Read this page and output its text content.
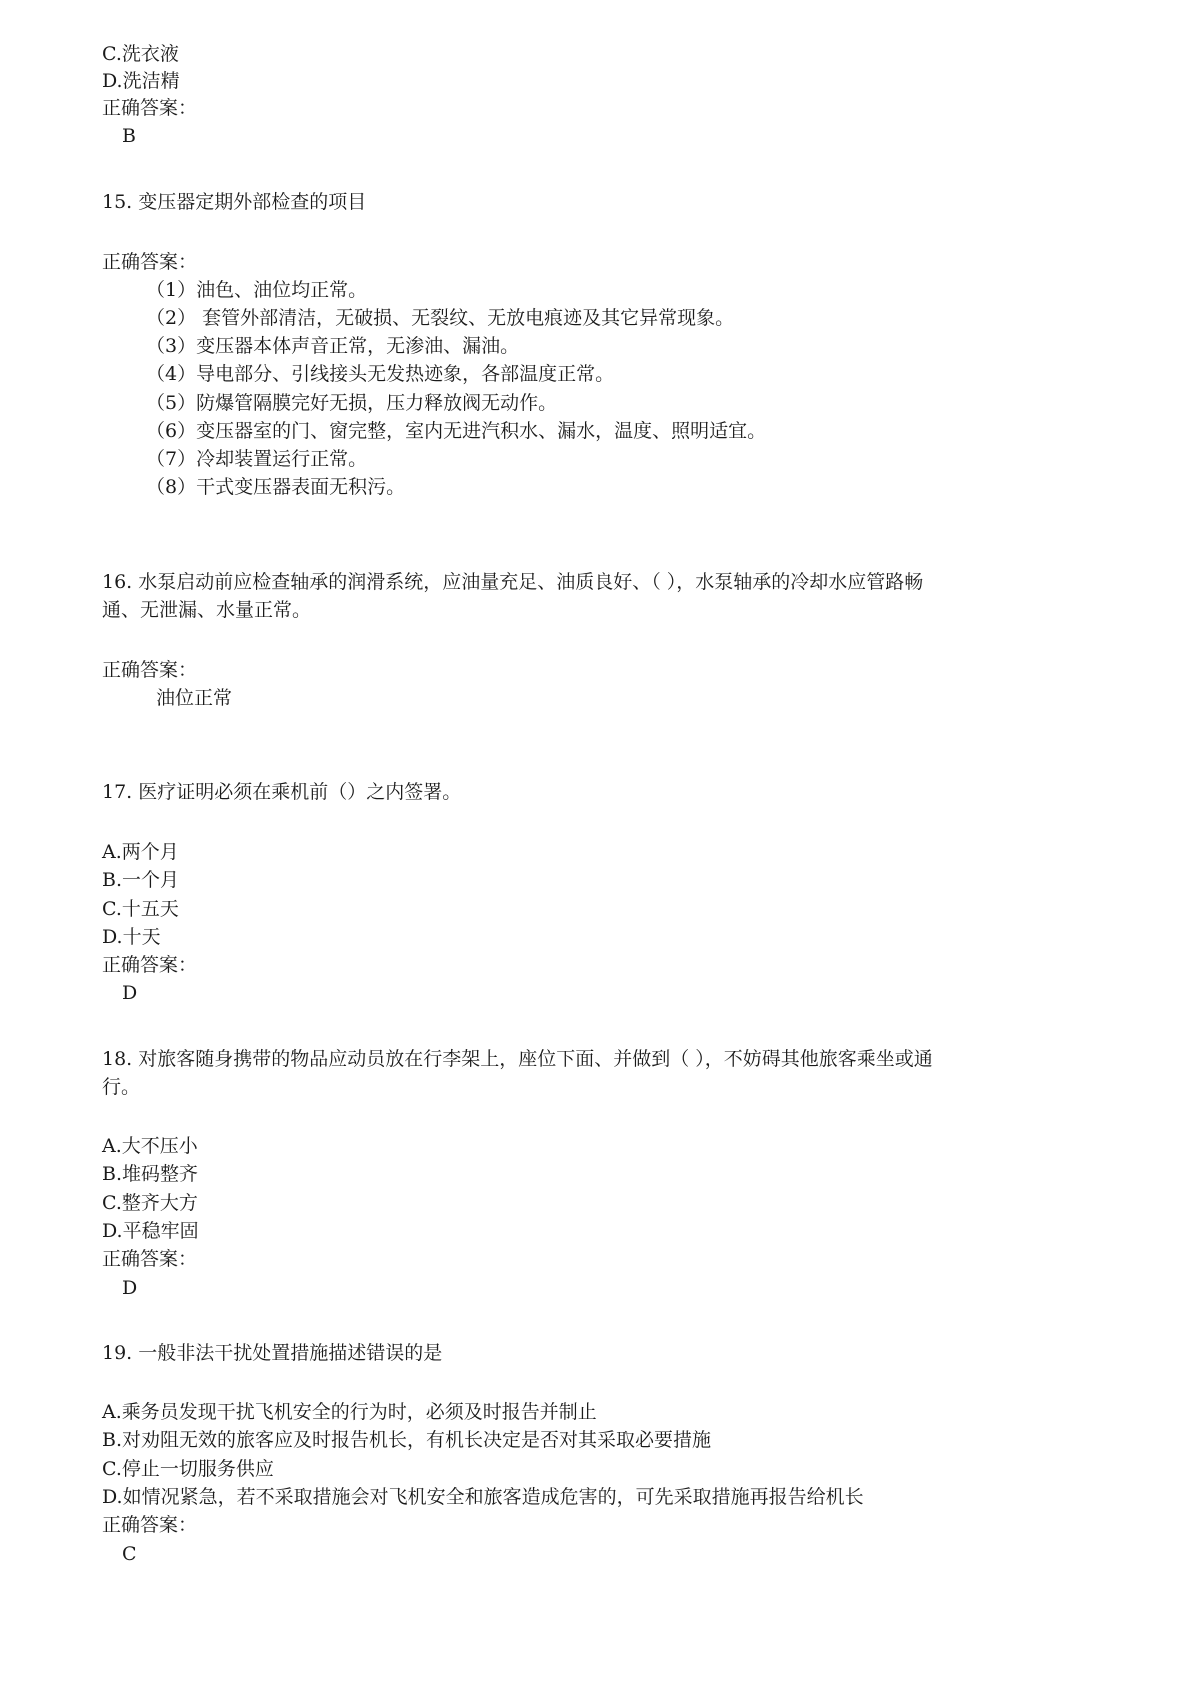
C.洗衣液
D.洗洁精
正确答案：
B
15. 变压器定期外部检查的项目
正确答案：
（1）油色、油位均正常。
（2） 套管外部清洁，无破损、无裂纹、无放电痕迹及其它异常现象。
（3）变压器本体声音正常，无渗油、漏油。
（4）导电部分、引线接头无发热迹象，各部温度正常。
（5）防爆管隔膜完好无损，压力释放阀无动作。
（6）变压器室的门、窗完整，室内无进汽积水、漏水，温度、照明适宜。
（7）冷却装置运行正常。
（8）干式变压器表面无积污。
16. 水泵启动前应检查轴承的润滑系统，应油量充足、油质良好、（ ），水泵轴承的冷却水应管路畅
通、无泄漏、水量正常。
正确答案：
油位正常
17. 医疗证明必须在乘机前（）之内签署。
A.两个月
B.一个月
C.十五天
D.十天
正确答案：
D
18. 对旅客随身携带的物品应动员放在行李架上，座位下面、并做到（ ），不妨碍其他旅客乘坐或通
行。
A.大不压小
B.堆码整齐
C.整齐大方
D.平稳牢固
正确答案：
D
19. 一般非法干扰处置措施描述错误的是
A.乘务员发现干扰飞机安全的行为时，必须及时报告并制止
B.对劝阻无效的旅客应及时报告机长，有机长决定是否对其采取必要措施
C.停止一切服务供应
D.如情况紧急，若不采取措施会对飞机安全和旅客造成危害的，可先采取措施再报告给机长
正确答案：
C
